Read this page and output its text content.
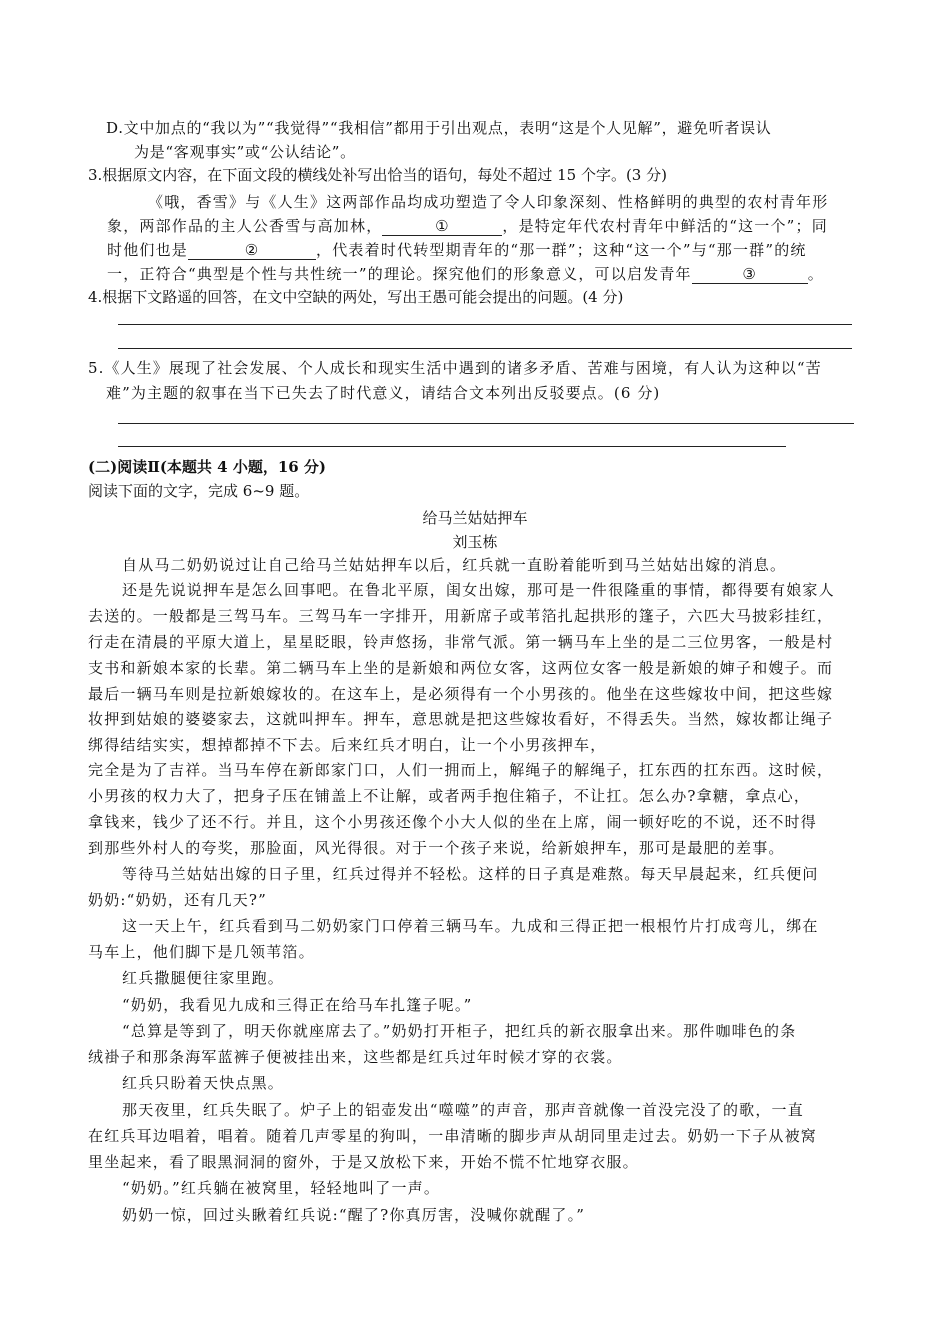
D.文中加点的“我以为”“我觉得”“我相信”都用于引出观点，表明“这是个人见解”，避免听者误认
为是“客观事实”或“公认结论”。
3.根据原文内容，在下面文段的横线处补写出恰当的语句，每处不超过 15 个字。(3 分)
《哦，香雪》与《人生》这两部作品均成功塑造了令人印象深刻、性格鲜明的典型的农村青年形
象，两部作品的主人公香雪与高加林，	①	，是特定年代农村青年中鲜活的“这一个”；同
时他们也是	②	，代表着时代转型期青年的“那一群”；这种“这一个”与“那一群”的统
一，正符合“典型是个性与共性统一”的理论。探究他们的形象意义，可以启发青年	③	。
4.根据下文路遥的回答，在文中空缺的两处，写出王愚可能会提出的问题。(4 分)
5.《人生》展现了社会发展、个人成长和现实生活中遇到的诸多矛盾、苦难与困境，有人认为这种以“苦
难”为主题的叙事在当下已失去了时代意义，请结合文本列出反驳要点。(6 分)
(二)阅读Ⅱ(本题共 4 小题，16 分)
阅读下面的文字，完成 6~9 题。
给马兰姑姑押车
刘玉栋
自从马二奶奶说过让自己给马兰姑姑押车以后，红兵就一直盼着能听到马兰姑姑出嫁的消息。
还是先说说押车是怎么回事吧。在鲁北平原，闺女出嫁，那可是一件很隆重的事情，都得要有娘家人
去送的。一般都是三驾马车。三驾马车一字排开，用新席子或苇箔扎起拱形的篷子，六匹大马披彩挂红，
行走在清晨的平原大道上，星星眨眼，铃声悠扬，非常气派。第一辆马车上坐的是二三位男客，一般是村
支书和新娘本家的长辈。第二辆马车上坐的是新娘和两位女客，这两位女客一般是新娘的婶子和嫂子。而
最后一辆马车则是拉新娘嫁妆的。在这车上，是必须得有一个小男孩的。他坐在这些嫁妆中间，把这些嫁
妆押到姑娘的婆婆家去，这就叫押车。押车，意思就是把这些嫁妆看好，不得丢失。当然，嫁妆都让绳子
绑得结结实实，想掉都掉不下去。后来红兵才明白，让一个小男孩押车，
完全是为了吉祥。当马车停在新郎家门口，人们一拥而上，解绳子的解绳子，扛东西的扛东西。这时候，
小男孩的权力大了，把身子压在铺盖上不让解，或者两手抱住箱子，不让扛。怎么办?拿糖，拿点心，
拿钱来，钱少了还不行。并且，这个小男孩还像个小大人似的坐在上席，闹一顿好吃的不说，还不时得
到那些外村人的夸奖，那脸面，风光得很。对于一个孩子来说，给新娘押车，那可是最肥的差事。
等待马兰姑姑出嫁的日子里，红兵过得并不轻松。这样的日子真是难熬。每天早晨起来，红兵便问
奶奶:“奶奶，还有几天?”
这一天上午，红兵看到马二奶奶家门口停着三辆马车。九成和三得正把一根根竹片打成弯儿，绑在
马车上，他们脚下是几领苇箔。
红兵撒腿便往家里跑。
“奶奶，我看见九成和三得正在给马车扎篷子呢。”
“总算是等到了，明天你就座席去了。”奶奶打开柜子，把红兵的新衣服拿出来。那件咖啡色的条
绒褂子和那条海军蓝裤子便被挂出来，这些都是红兵过年时候才穿的衣裳。
红兵只盼着天快点黑。
那天夜里，红兵失眠了。炉子上的铝壶发出“噬噬”的声音，那声音就像一首没完没了的歌，一直
在红兵耳边唱着，唱着。随着几声零星的狗叫，一串清晰的脚步声从胡同里走过去。奶奶一下子从被窝
里坐起来，看了眼黑洞洞的窗外，于是又放松下来，开始不慌不忙地穿衣服。
“奶奶。”红兵躺在被窝里，轻轻地叫了一声。
奶奶一惊，回过头瞅着红兵说:“醒了?你真厉害，没喊你就醒了。”
